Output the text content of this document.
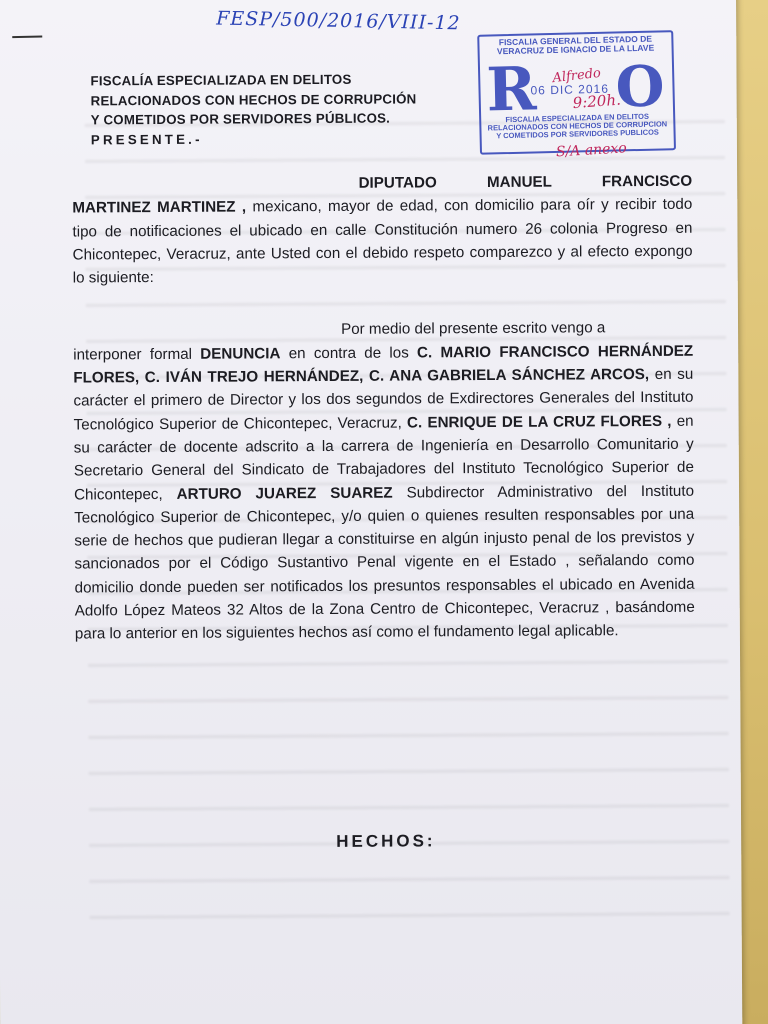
FESP/500/2016/VIII-12
FISCALÍA ESPECIALIZADA EN DELITOS
RELACIONADOS CON HECHOS DE CORRUPCIÓN
Y COMETIDOS POR SERVIDORES PÚBLICOS.
PRESENTE.-
FISCALIA GENERAL DEL ESTADO DE VERACRUZ DE IGNACIO DE LA LLAVE
R O
06 DIC 2016
FISCALIA ESPECIALIZADA EN DELITOS RELACIONADOS CON HECHOS DE CORRUPCION Y COMETIDOS POR SERVIDORES PUBLICOS
Alfredo
9:20h.
S/A anexo
DIPUTADO MANUEL FRANCISCO
MARTINEZ MARTINEZ , mexicano, mayor de edad, con domicilio para oír y recibir todo tipo de notificaciones el ubicado en calle Constitución numero 26 colonia Progreso en Chicontepec, Veracruz, ante Usted con el debido respeto comparezco y al efecto expongo lo siguiente:
Por medio del presente escrito vengo a
interponer formal DENUNCIA en contra de los C. MARIO FRANCISCO HERNÁNDEZ FLORES, C. IVÁN TREJO HERNÁNDEZ, C. ANA GABRIELA SÁNCHEZ ARCOS, en su carácter el primero de Director y los dos segundos de Exdirectores Generales del Instituto Tecnológico Superior de Chicontepec, Veracruz, C. ENRIQUE DE LA CRUZ FLORES , en su carácter de docente adscrito a la carrera de Ingeniería en Desarrollo Comunitario y Secretario General del Sindicato de Trabajadores del Instituto Tecnológico Superior de Chicontepec, ARTURO JUAREZ SUAREZ Subdirector Administrativo del Instituto Tecnológico Superior de Chicontepec, y/o quien o quienes resulten responsables por una serie de hechos que pudieran llegar a constituirse en algún injusto penal de los previstos y sancionados por el Código Sustantivo Penal vigente en el Estado , señalando como domicilio donde pueden ser notificados los presuntos responsables el ubicado en Avenida Adolfo López Mateos 32 Altos de la Zona Centro de Chicontepec, Veracruz , basándome para lo anterior en los siguientes hechos así como el fundamento legal aplicable.
HECHOS:
